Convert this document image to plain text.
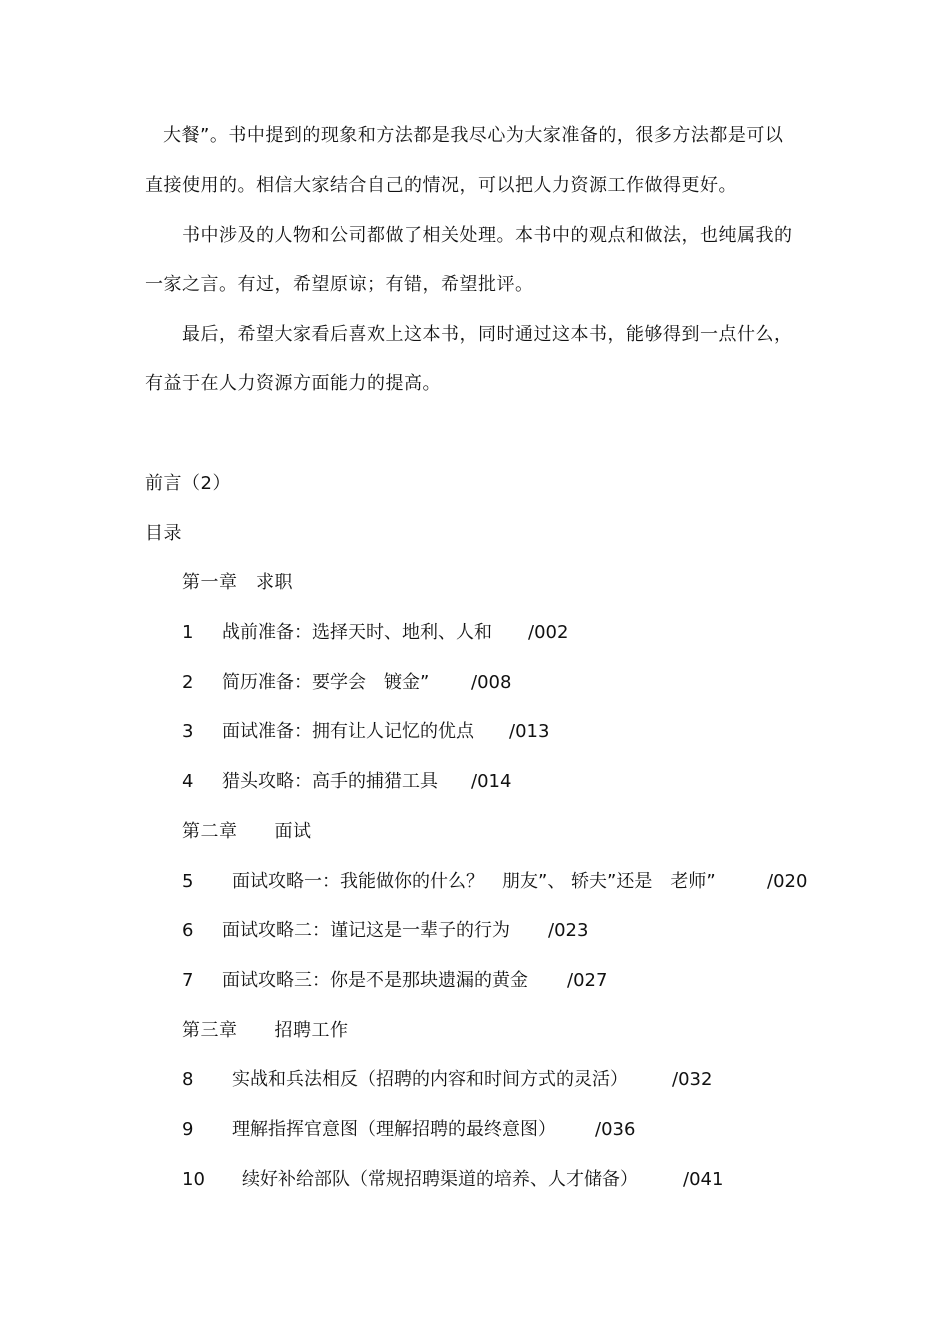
大餐”。书中提到的现象和方法都是我尽心为大家准备的，很多方法都是可以
直接使用的。相信大家结合自己的情况，可以把人力资源工作做得更好。
书中涉及的人物和公司都做了相关处理。本书中的观点和做法，也纯属我的
一家之言。有过，希望原谅；有错，希望批评。
最后，希望大家看后喜欢上这本书，同时通过这本书，能够得到一点什么，
有益于在人力资源方面能力的提高。
前言（2）
目录
第一章　求职
1 战前准备：选择天时、地利、人和 /002
2 简历准备：要学会　镀金” /008
3 面试准备：拥有让人记忆的优点 /013
4 猎头攻略：高手的捕猎工具 /014
第二章　　面试
5 面试攻略一：我能做你的什么？　朋友”、 轿夫”还是　老师”	/020
6 面试攻略二：谨记这是一辈子的行为 /023
7 面试攻略三：你是不是那块遗漏的黄金 /027
第三章　　招聘工作
8 实战和兵法相反（招聘的内容和时间方式的灵活） /032
9 理解指挥官意图（理解招聘的最终意图） /036
10 续好补给部队（常规招聘渠道的培养、人才储备）	/041
